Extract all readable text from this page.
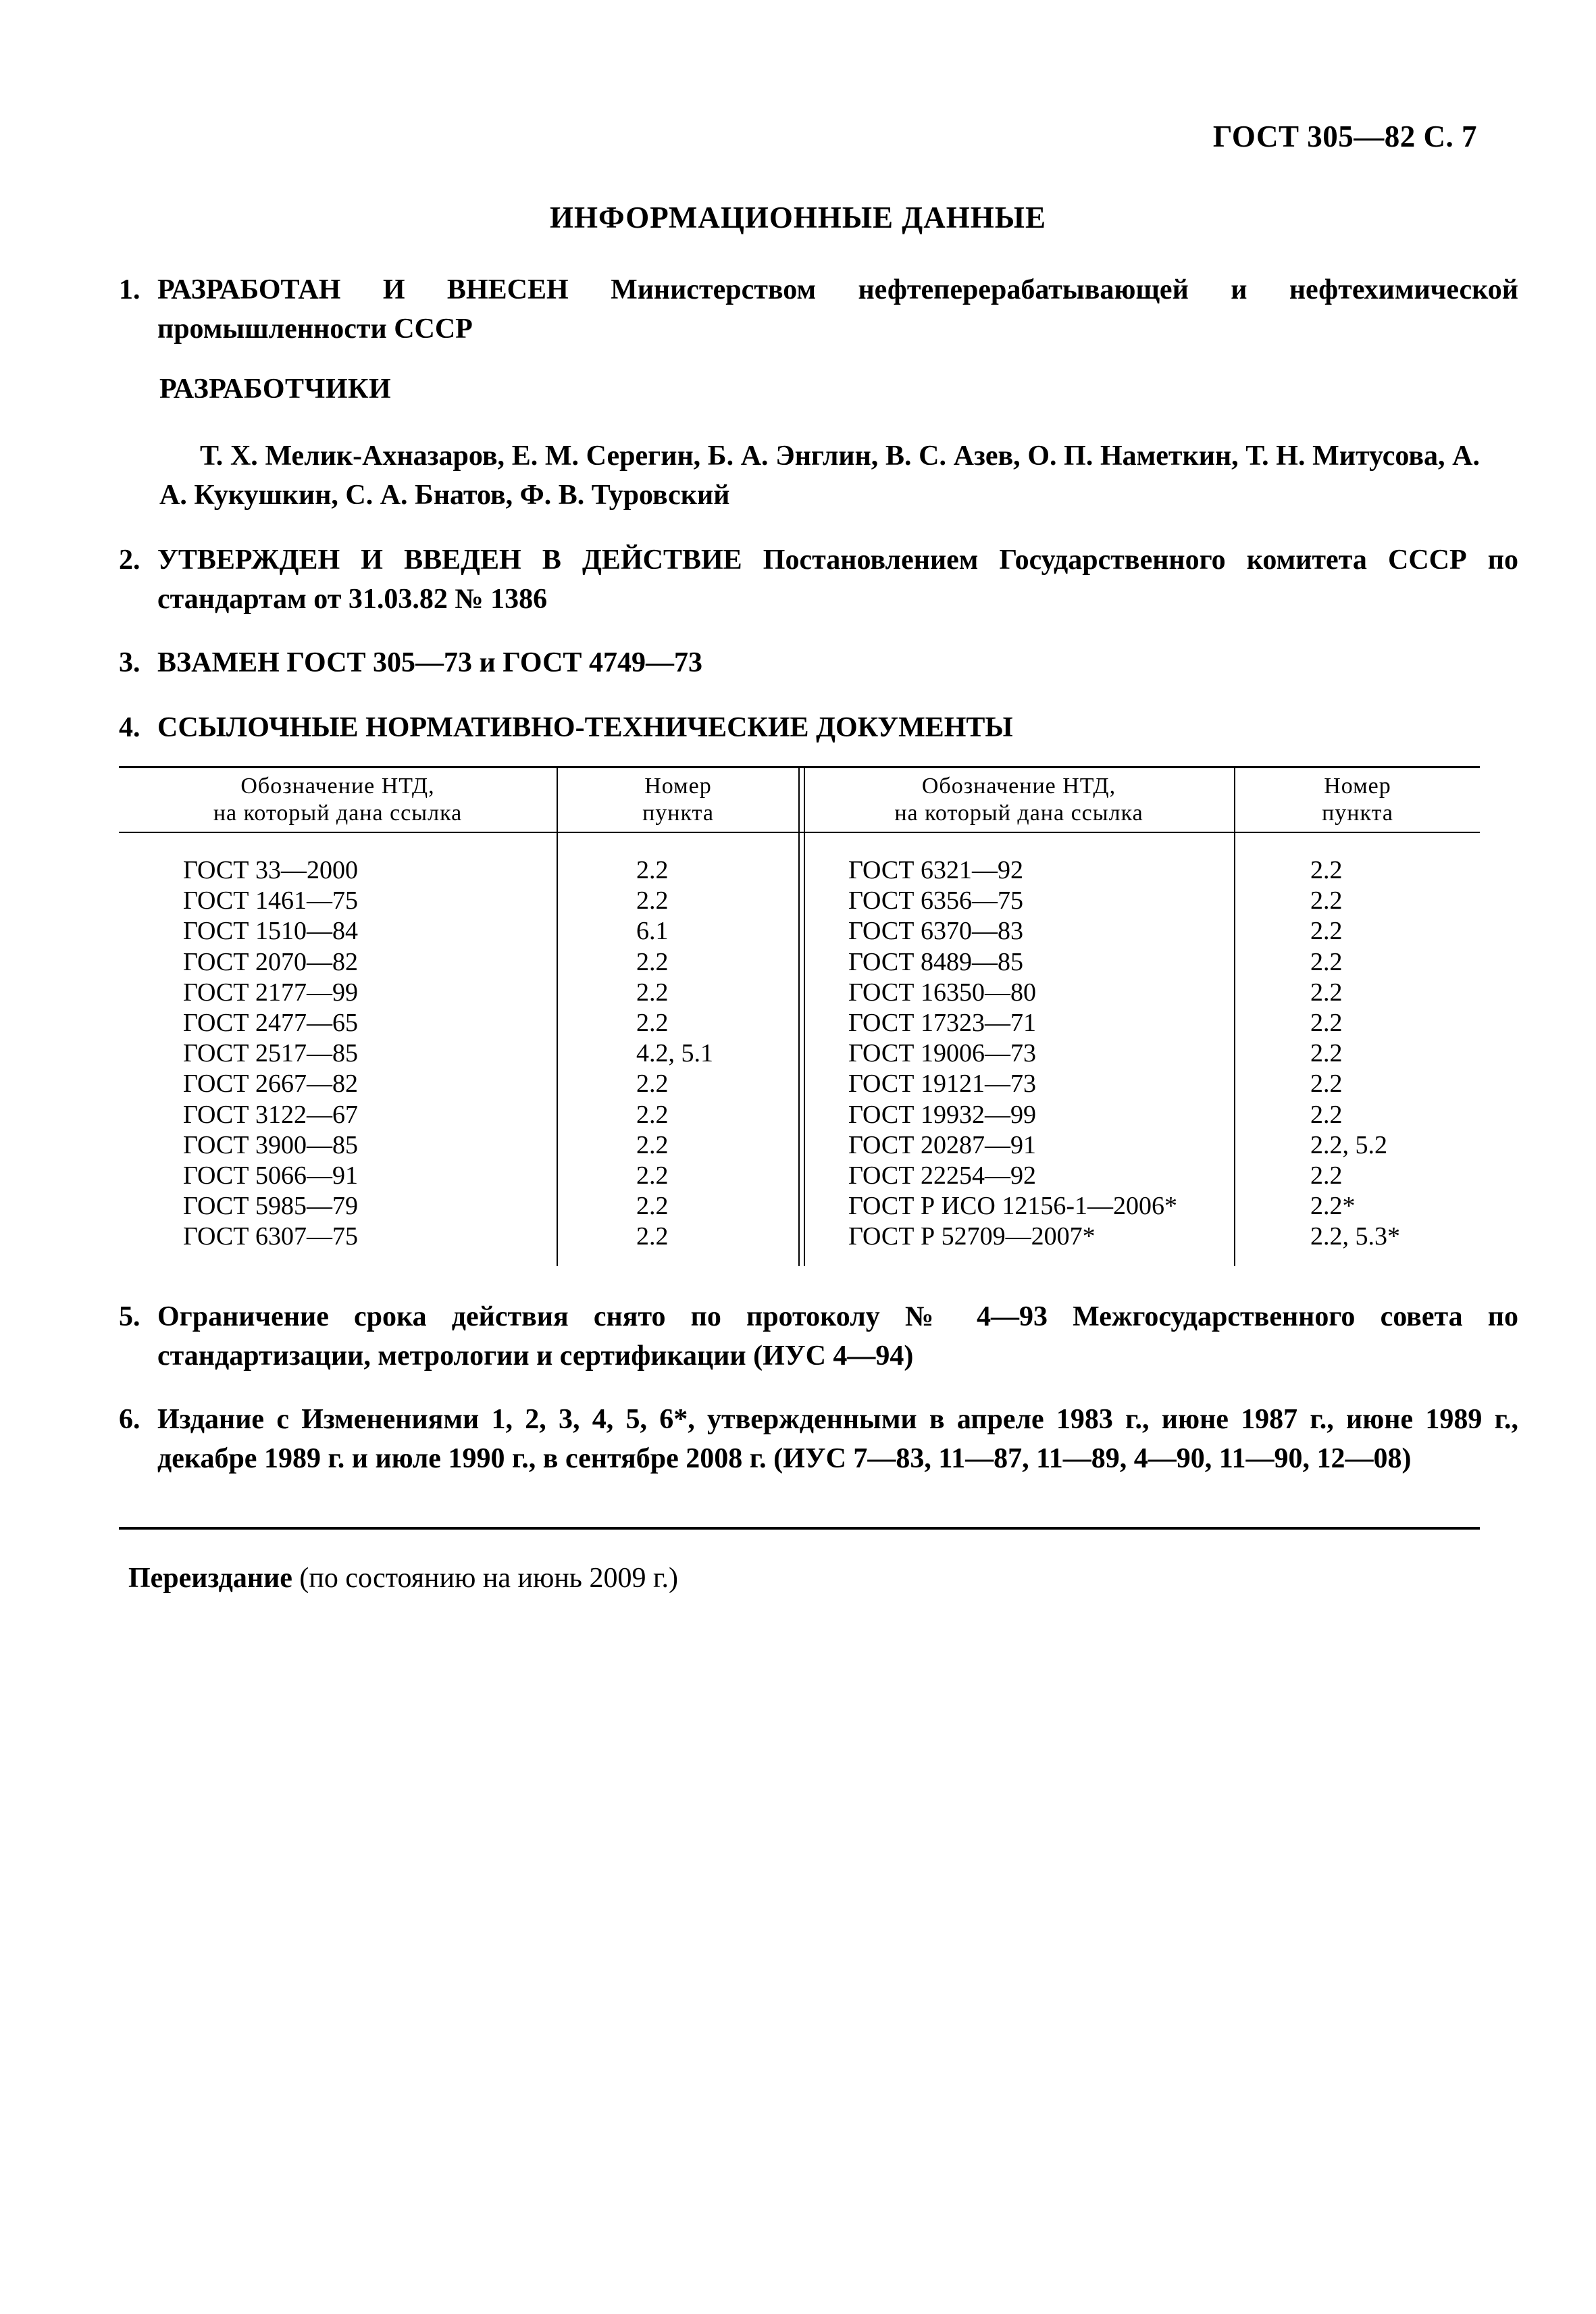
ГОСТ 305—82 С. 7
ИНФОРМАЦИОННЫЕ ДАННЫЕ
1. РАЗРАБОТАН И ВНЕСЕН Министерством нефтеперерабатывающей и нефтехимической промышленности СССР
РАЗРАБОТЧИКИ
Т. Х. Мелик-Ахназаров, Е. М. Серегин, Б. А. Энглин, В. С. Азев, О. П. Наметкин, Т. Н. Митусова, А. А. Кукушкин, С. А. Бнатов, Ф. В. Туровский
2. УТВЕРЖДЕН И ВВЕДЕН В ДЕЙСТВИЕ Постановлением Государственного комитета СССР по стандартам от 31.03.82 № 1386
3. ВЗАМЕН ГОСТ 305—73 и ГОСТ 4749—73
4. ССЫЛОЧНЫЕ НОРМАТИВНО-ТЕХНИЧЕСКИЕ ДОКУМЕНТЫ
Обозначение НТД,
на который дана ссылка
Номер
пункта
Обозначение НТД,
на который дана ссылка
Номер
пункта
ГОСТ 33—2000
ГОСТ 1461—75
ГОСТ 1510—84
ГОСТ 2070—82
ГОСТ 2177—99
ГОСТ 2477—65
ГОСТ 2517—85
ГОСТ 2667—82
ГОСТ 3122—67
ГОСТ 3900—85
ГОСТ 5066—91
ГОСТ 5985—79
ГОСТ 6307—75
2.2
2.2
6.1
2.2
2.2
2.2
4.2, 5.1
2.2
2.2
2.2
2.2
2.2
2.2
ГОСТ 6321—92
ГОСТ 6356—75
ГОСТ 6370—83
ГОСТ 8489—85
ГОСТ 16350—80
ГОСТ 17323—71
ГОСТ 19006—73
ГОСТ 19121—73
ГОСТ 19932—99
ГОСТ 20287—91
ГОСТ 22254—92
ГОСТ Р ИСО 12156-1—2006*
ГОСТ Р 52709—2007*
2.2
2.2
2.2
2.2
2.2
2.2
2.2
2.2
2.2
2.2, 5.2
2.2
2.2*
2.2, 5.3*
5. Ограничение срока действия снято по протоколу № 4—93 Межгосударственного совета по стандартизации, метрологии и сертификации (ИУС 4—94)
6. Издание с Изменениями 1, 2, 3, 4, 5, 6*, утвержденными в апреле 1983 г., июне 1987 г., июне 1989 г., декабре 1989 г. и июле 1990 г., в сентябре 2008 г. (ИУС 7—83, 11—87, 11—89, 4—90, 11—90, 12—08)
Переиздание (по состоянию на июнь 2009 г.)
